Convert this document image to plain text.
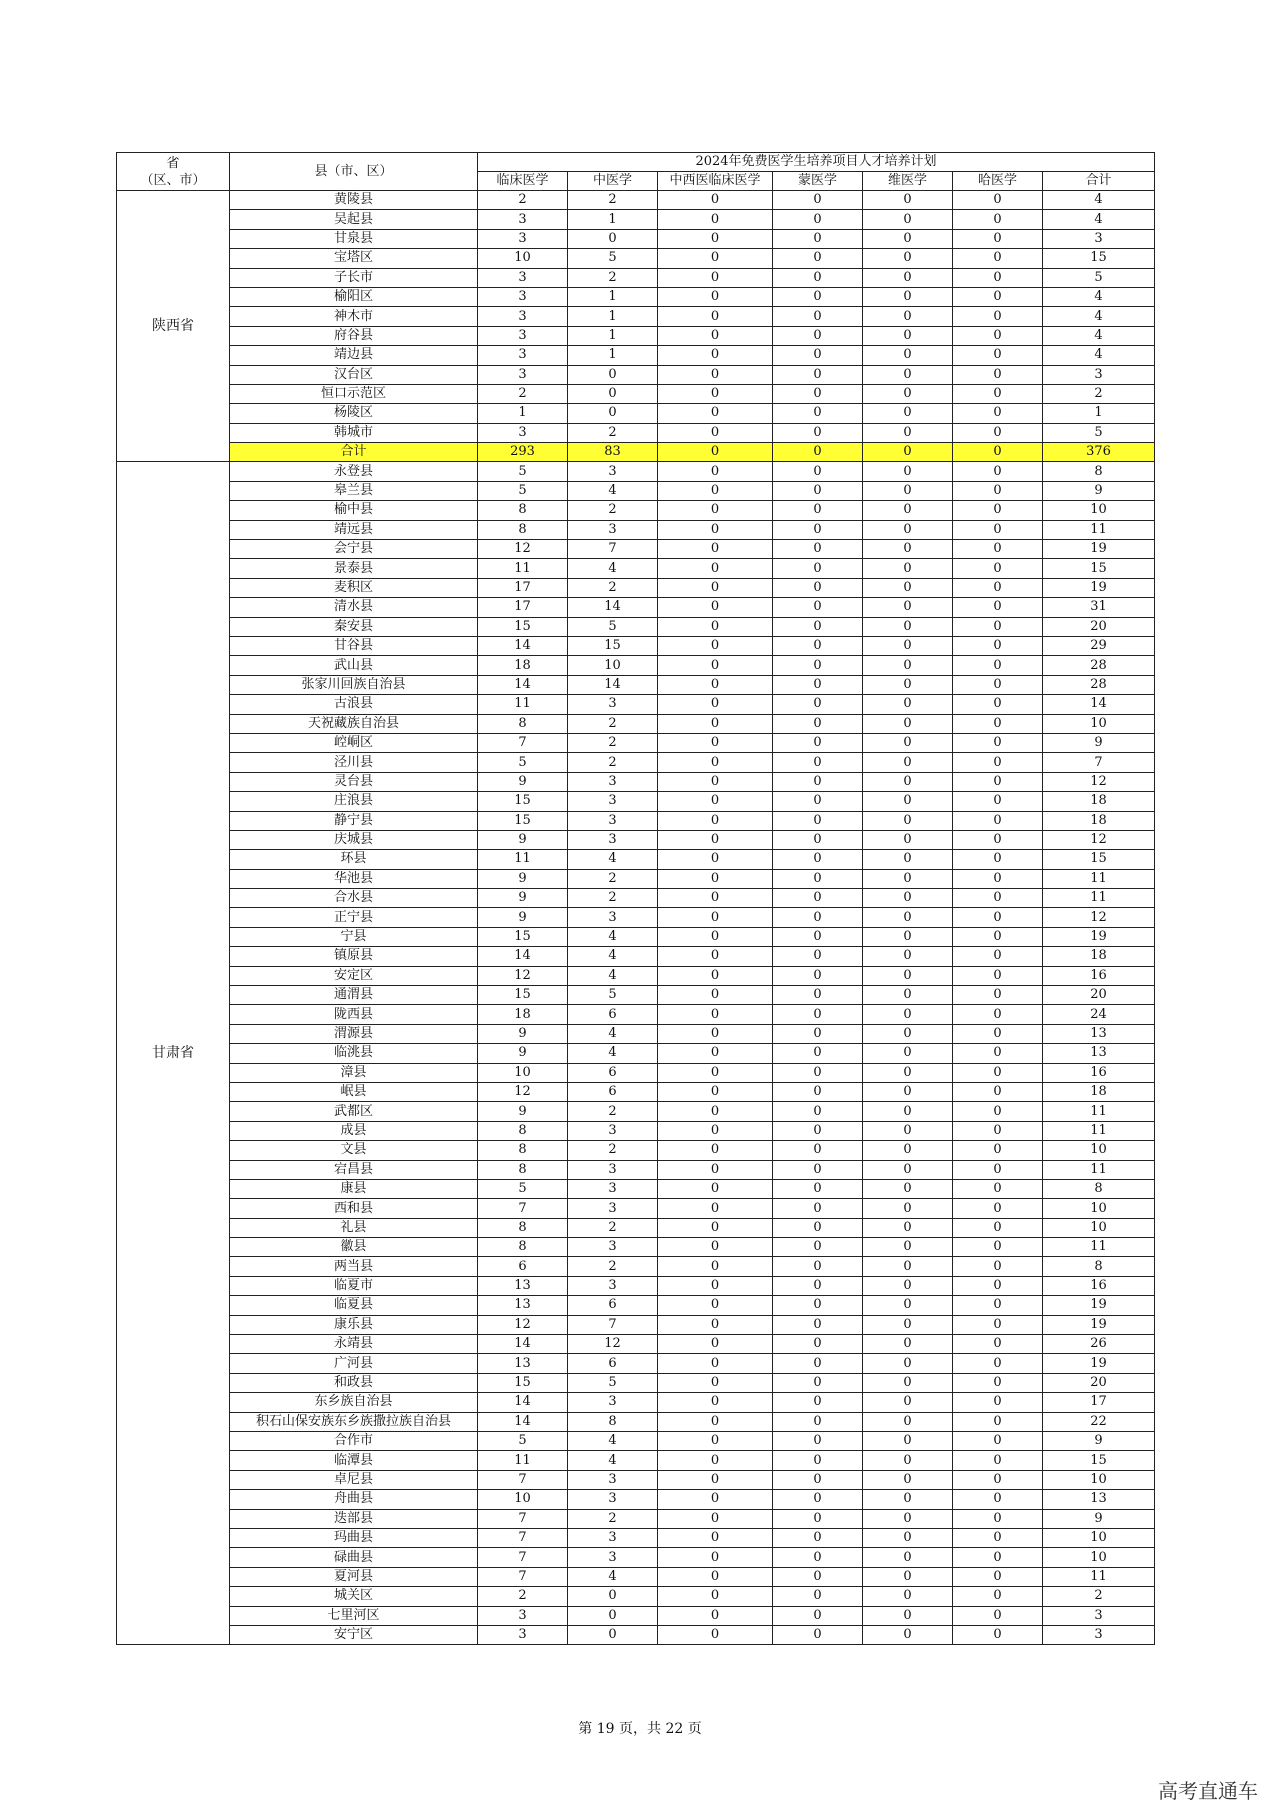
省
（区、市）	县（市、区）	2024年免费医学生培养项目人才培养计划						
		临床医学	中医学	中西医临床医学	蒙医学	维医学	哈医学	合计
陕西省	黄陵县	2	2	0	0	0	0	4
	吴起县	3	1	0	0	0	0	4
	甘泉县	3	0	0	0	0	0	3
	宝塔区	10	5	0	0	0	0	15
	子长市	3	2	0	0	0	0	5
	榆阳区	3	1	0	0	0	0	4
	神木市	3	1	0	0	0	0	4
	府谷县	3	1	0	0	0	0	4
	靖边县	3	1	0	0	0	0	4
	汉台区	3	0	0	0	0	0	3
	恒口示范区	2	0	0	0	0	0	2
	杨陵区	1	0	0	0	0	0	1
	韩城市	3	2	0	0	0	0	5
	合计	293	83	0	0	0	0	376
甘肃省	永登县	5	3	0	0	0	0	8
	皋兰县	5	4	0	0	0	0	9
	榆中县	8	2	0	0	0	0	10
	靖远县	8	3	0	0	0	0	11
	会宁县	12	7	0	0	0	0	19
	景泰县	11	4	0	0	0	0	15
	麦积区	17	2	0	0	0	0	19
	清水县	17	14	0	0	0	0	31
	秦安县	15	5	0	0	0	0	20
	甘谷县	14	15	0	0	0	0	29
	武山县	18	10	0	0	0	0	28
	张家川回族自治县	14	14	0	0	0	0	28
	古浪县	11	3	0	0	0	0	14
	天祝藏族自治县	8	2	0	0	0	0	10
	崆峒区	7	2	0	0	0	0	9
	泾川县	5	2	0	0	0	0	7
	灵台县	9	3	0	0	0	0	12
	庄浪县	15	3	0	0	0	0	18
	静宁县	15	3	0	0	0	0	18
	庆城县	9	3	0	0	0	0	12
	环县	11	4	0	0	0	0	15
	华池县	9	2	0	0	0	0	11
	合水县	9	2	0	0	0	0	11
	正宁县	9	3	0	0	0	0	12
	宁县	15	4	0	0	0	0	19
	镇原县	14	4	0	0	0	0	18
	安定区	12	4	0	0	0	0	16
	通渭县	15	5	0	0	0	0	20
	陇西县	18	6	0	0	0	0	24
	渭源县	9	4	0	0	0	0	13
	临洮县	9	4	0	0	0	0	13
	漳县	10	6	0	0	0	0	16
	岷县	12	6	0	0	0	0	18
	武都区	9	2	0	0	0	0	11
	成县	8	3	0	0	0	0	11
	文县	8	2	0	0	0	0	10
	宕昌县	8	3	0	0	0	0	11
	康县	5	3	0	0	0	0	8
	西和县	7	3	0	0	0	0	10
	礼县	8	2	0	0	0	0	10
	徽县	8	3	0	0	0	0	11
	两当县	6	2	0	0	0	0	8
	临夏市	13	3	0	0	0	0	16
	临夏县	13	6	0	0	0	0	19
	康乐县	12	7	0	0	0	0	19
	永靖县	14	12	0	0	0	0	26
	广河县	13	6	0	0	0	0	19
	和政县	15	5	0	0	0	0	20
	东乡族自治县	14	3	0	0	0	0	17
	积石山保安族东乡族撒拉族自治县	14	8	0	0	0	0	22
	合作市	5	4	0	0	0	0	9
	临潭县	11	4	0	0	0	0	15
	卓尼县	7	3	0	0	0	0	10
	舟曲县	10	3	0	0	0	0	13
	迭部县	7	2	0	0	0	0	9
	玛曲县	7	3	0	0	0	0	10
	碌曲县	7	3	0	0	0	0	10
	夏河县	7	4	0	0	0	0	11
	城关区	2	0	0	0	0	0	2
	七里河区	3	0	0	0	0	0	3
	安宁区	3	0	0	0	0	0	3
第 19 页，共 22 页
高考直通车
